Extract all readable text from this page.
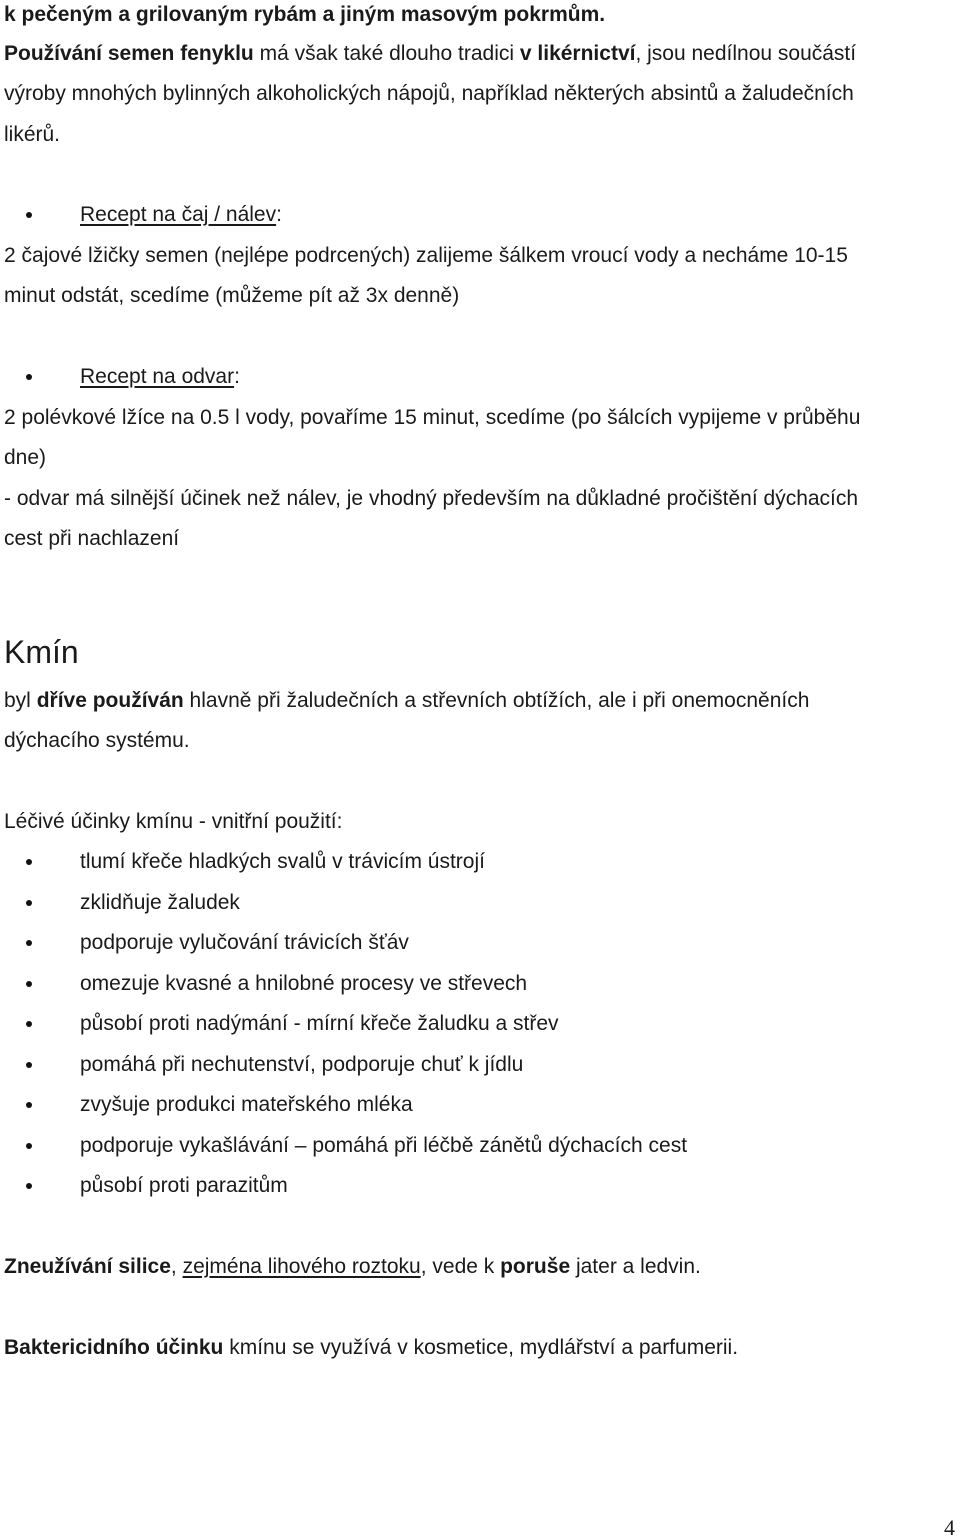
k pečeným a grilovaným rybám a jiným masovým pokrmům.
Používání semen fenyklu má však také dlouho tradici v likérnictví, jsou nedílnou součástí
výroby mnohých bylinných alkoholických nápojů, například některých absintů a žaludečních
likérů.
Recept na čaj / nálev:
2 čajové lžičky semen (nejlépe podrcených) zalijeme šálkem vroucí vody a necháme 10-15
minut odstát, scedíme (můžeme pít až 3x denně)
Recept na odvar:
2 polévkové lžíce na 0.5 l vody, povaříme 15 minut, scedíme (po šálcích vypijeme v průběhu
dne)
- odvar má silnější účinek než nálev, je vhodný především na důkladné pročištění dýchacích
cest při nachlazení
Kmín
byl dříve používán hlavně při žaludečních a střevních obtížích, ale i při onemocněních
dýchacího systému.
Léčivé účinky kmínu - vnitřní použití:
tlumí křeče hladkých svalů v trávicím ústrojí
zklidňuje žaludek
podporuje vylučování trávicích šťáv
omezuje kvasné a hnilobné procesy ve střevech
působí proti nadýmání - mírní křeče žaludku a střev
pomáhá při nechutenství, podporuje chuť k jídlu
zvyšuje produkci mateřského mléka
podporuje vykašlávání – pomáhá při léčbě zánětů dýchacích cest
působí proti parazitům
Zneužívání silice, zejména lihového roztoku, vede k poruše jater a ledvin.
Baktericidního účinku kmínu se využívá v kosmetice, mydlářství a parfumerii.
4
